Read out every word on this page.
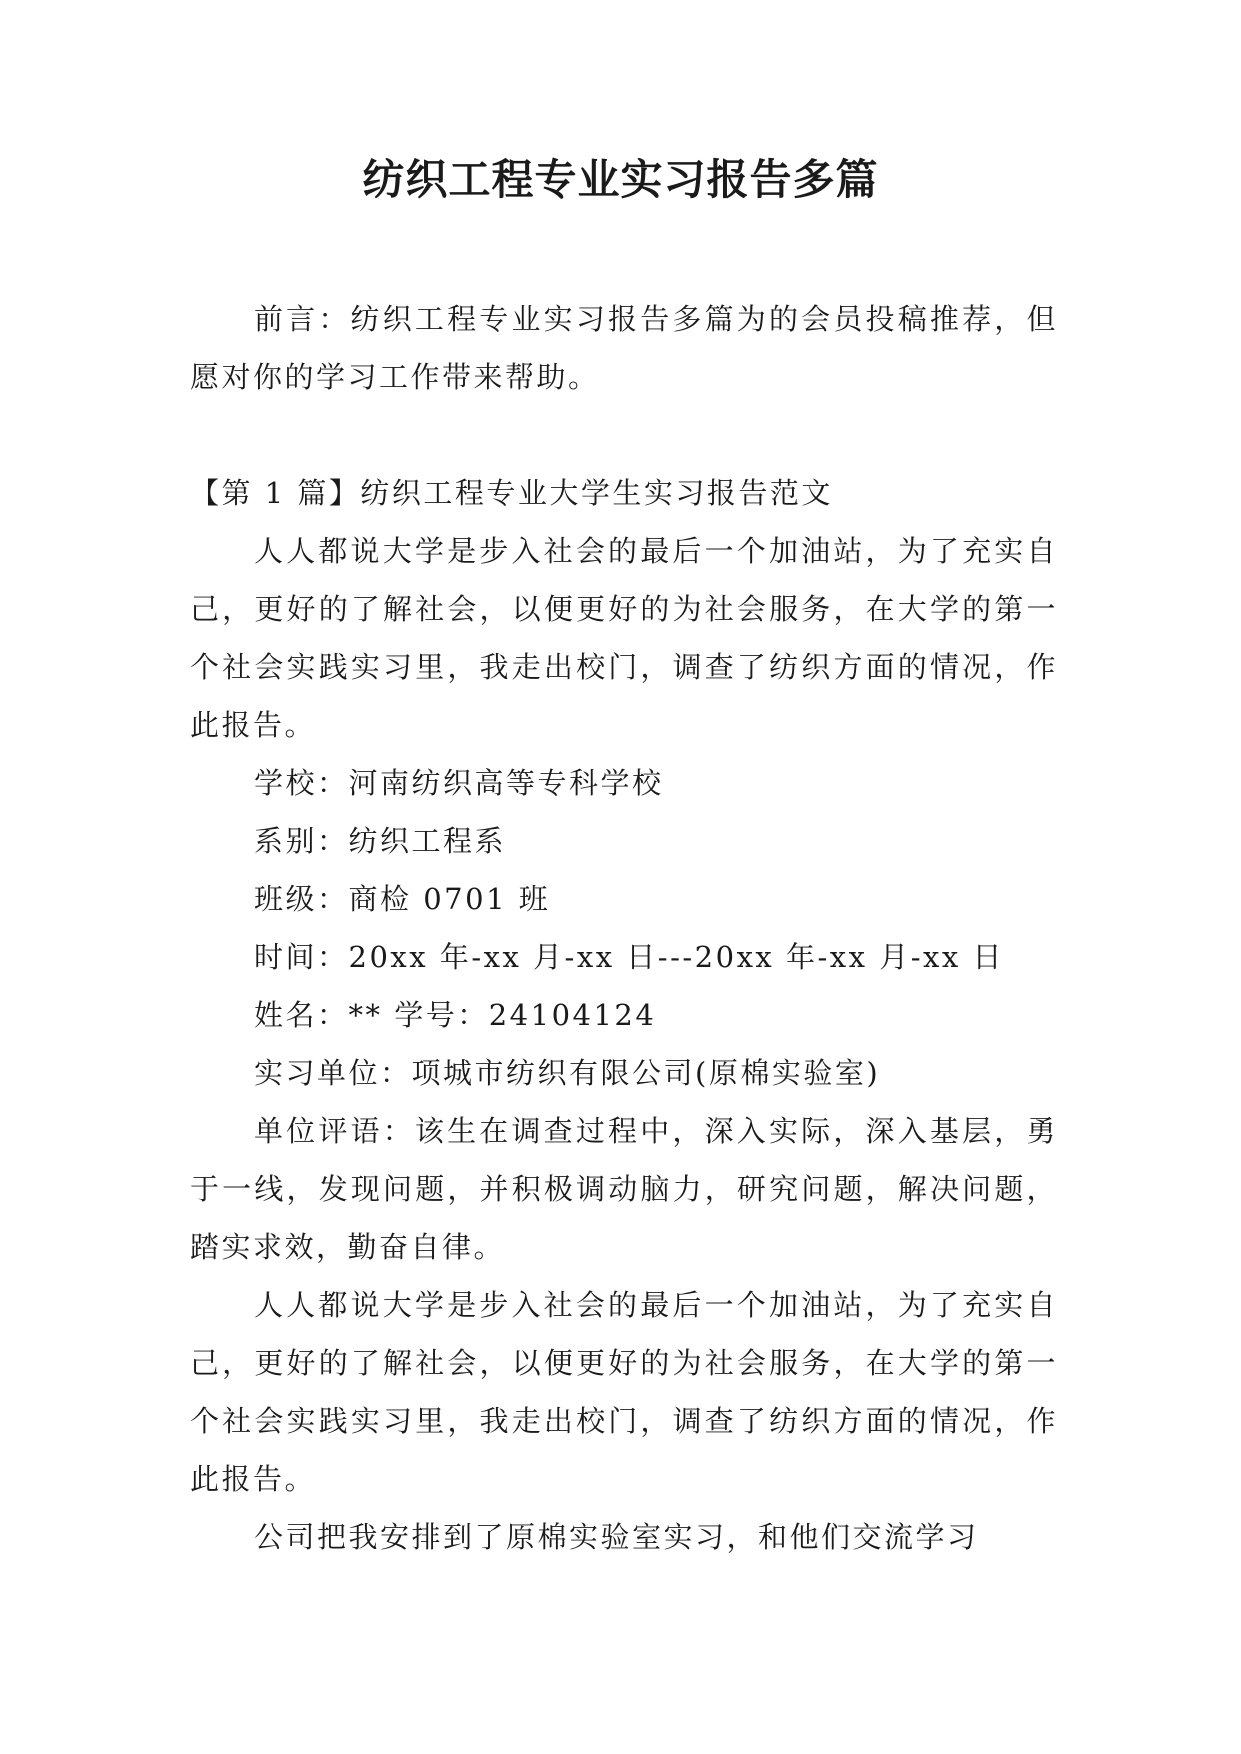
纺织工程专业实习报告多篇

前言：纺织工程专业实习报告多篇为的会员投稿推荐，但愿对你的学习工作带来帮助。

【第 1 篇】纺织工程专业大学生实习报告范文

人人都说大学是步入社会的最后一个加油站，为了充实自己，更好的了解社会，以便更好的为社会服务，在大学的第一个社会实践实习里，我走出校门，调查了纺织方面的情况，作此报告。

学校：河南纺织高等专科学校

系别：纺织工程系

班级：商检 0701 班

时间：20xx 年-xx 月-xx 日---20xx 年-xx 月-xx 日

姓名：** 学号：24104124

实习单位：项城市纺织有限公司(原棉实验室)

单位评语：该生在调查过程中，深入实际，深入基层，勇于一线，发现问题，并积极调动脑力，研究问题，解决问题，踏实求效，勤奋自律。

人人都说大学是步入社会的最后一个加油站，为了充实自己，更好的了解社会，以便更好的为社会服务，在大学的第一个社会实践实习里，我走出校门，调查了纺织方面的情况，作此报告。

公司把我安排到了原棉实验室实习，和他们交流学习
